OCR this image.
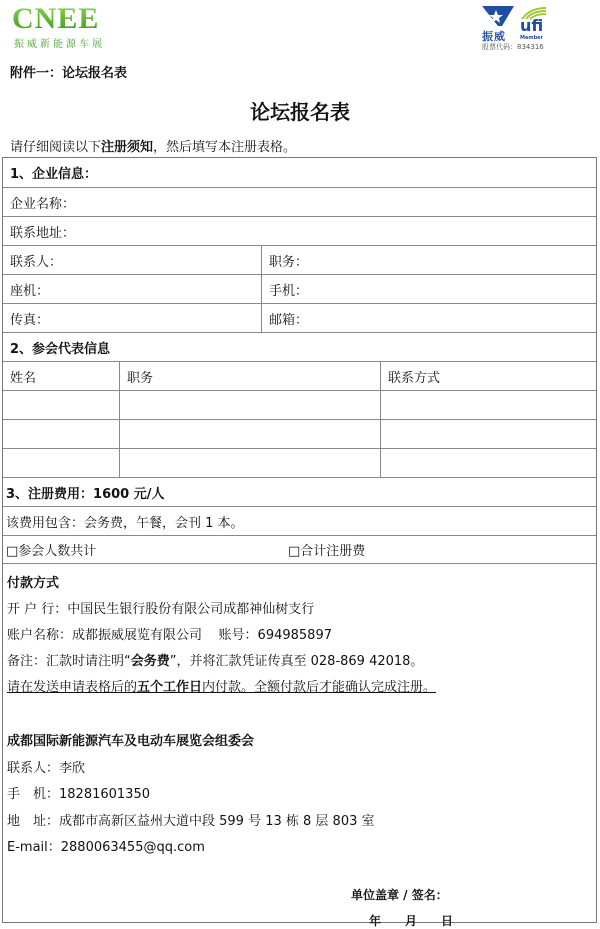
CNEE
振威新能源车展
振威
ufi
Member
股票代码：834316
附件一：论坛报名表
论坛报名表
请仔细阅读以下注册须知，然后填写本注册表格。
1、企业信息：
企业名称：
联系地址：
联系人：	职务：
座机：	手机：
传真：	邮箱：
2、参会代表信息
姓名	职务	联系方式
3、注册费用：1600 元/人
该费用包含：会务费，午餐，会刊 1 本。
□参会人数共计	□合计注册费
付款方式
开 户 行：中国民生银行股份有限公司成都神仙树支行
账户名称：成都振威展览有限公司 账号：694985897
备注：汇款时请注明“会务费”，并将汇款凭证传真至 028-869 42018。
请在发送申请表格后的五个工作日内付款。全额付款后才能确认完成注册。
成都国际新能源汽车及电动车展览会组委会
联系人：李欣
手　机：18281601350
地　址：成都市高新区益州大道中段 599 号 13 栋 8 层 803 室
E-mail：2880063455@qq.com
单位盖章 / 签名：
年　　月　　日
